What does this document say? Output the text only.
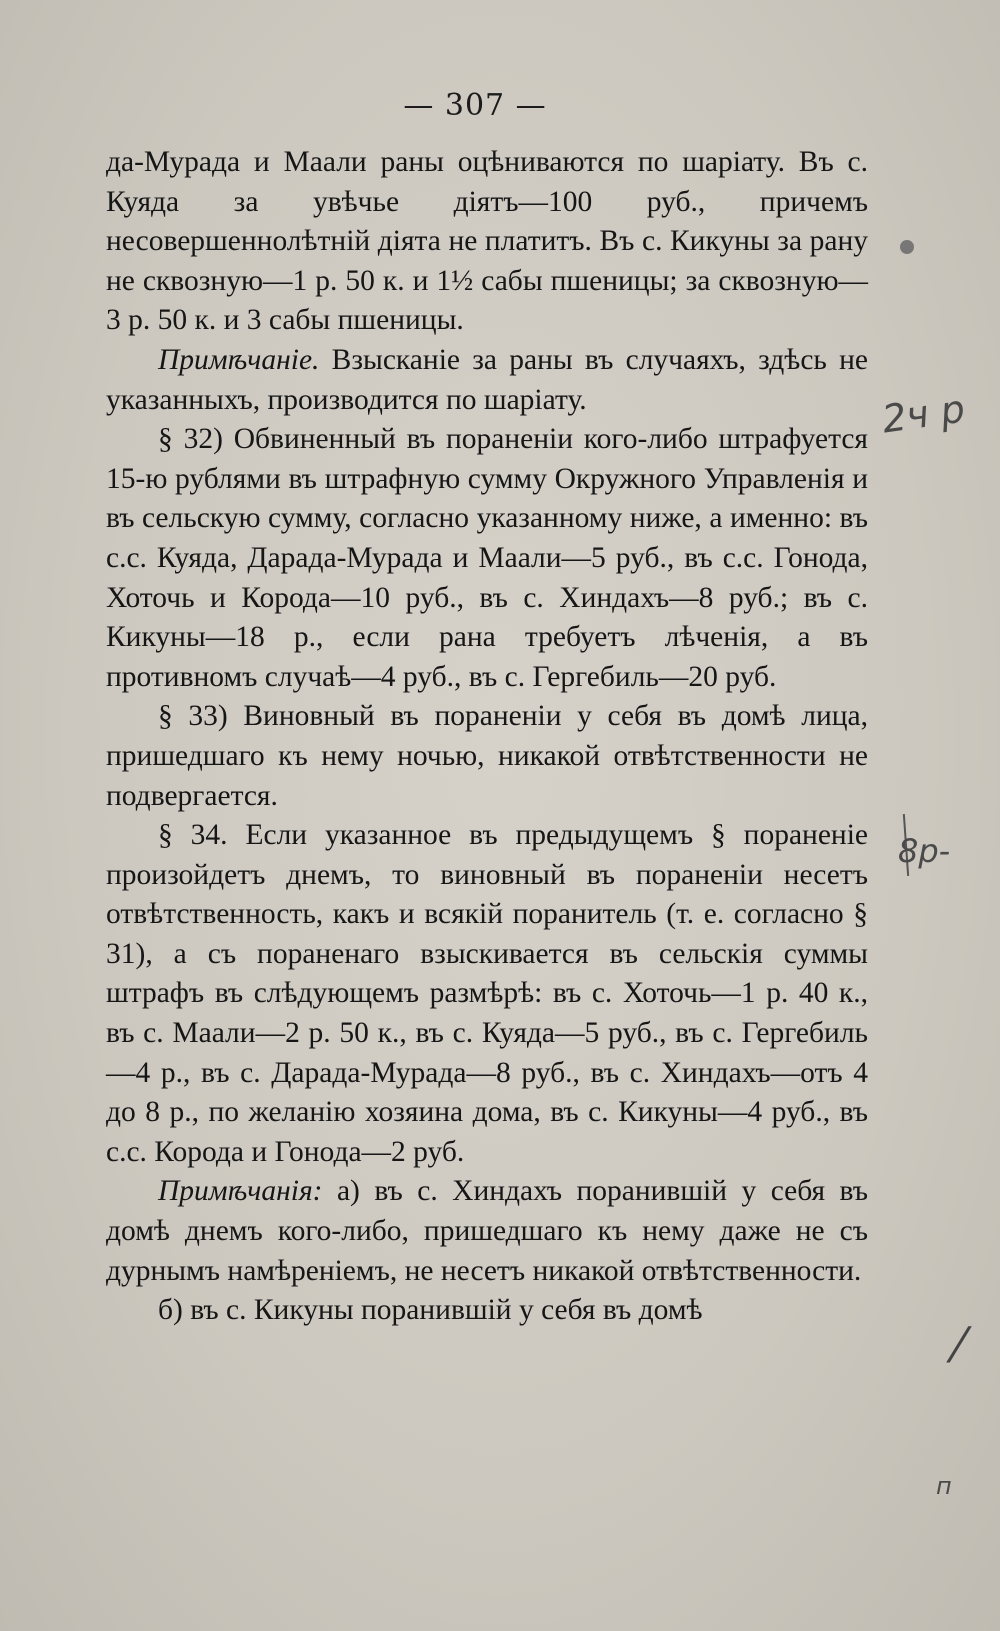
— 307 —

да-Мурада и Маали раны оцѣниваются по шаріату. Въ с. Куяда за увѣчье діятъ—100 руб., причемъ несовершеннолѣтній діята не платитъ. Въ с. Кикуны за рану не сквозную—1 р. 50 к. и 1½ сабы пшеницы; за сквозную—3 р. 50 к. и 3 сабы пшеницы.

Примѣчаніе. Взысканіе за раны въ случаяхъ, здѣсь не указанныхъ, производится по шаріату.

§ 32) Обвиненный въ пораненіи кого-либо штрафуется 15-ю рублями въ штрафную сумму Окружного Управленія и въ сельскую сумму, согласно указанному ниже, а именно: въ с.с. Куяда, Дарада-Мурада и Маали—5 руб., въ с.с. Гонода, Хоточь и Корода—10 руб., въ с. Хиндахъ—8 руб.; въ с. Кикуны—18 р., если рана требуетъ лѣченія, а въ противномъ случаѣ—4 руб., въ с. Гергебиль—20 руб.

§ 33) Виновный въ пораненіи у себя въ домѣ лица, пришедшаго къ нему ночью, никакой отвѣтственности не подвергается.

§ 34. Если указанное въ предыдущемъ § пораненіе произойдетъ днемъ, то виновный въ пораненіи несетъ отвѣтственность, какъ и всякій поранитель (т. е. согласно § 31), а съ пораненаго взыскивается въ сельскія суммы штрафъ въ слѣдующемъ размѣрѣ: въ с. Хоточь—1 р. 40 к., въ с. Маали—2 р. 50 к., въ с. Куяда—5 руб., въ с. Гергебиль—4 р., въ с. Дарада-Мурада—8 руб., въ с. Хиндахъ—отъ 4 до 8 р., по желанію хозяина дома, въ с. Кикуны—4 руб., въ с.с. Корода и Гонода—2 руб.

Примѣчанія: а) въ с. Хиндахъ поранившій у себя въ домѣ днемъ кого-либо, пришедшаго къ нему даже не съ дурнымъ намѣреніемъ, не несетъ никакой отвѣтственности.

б) въ с. Кикуны поранившій у себя въ домѣ

2ч р
8р-
⁄
п
